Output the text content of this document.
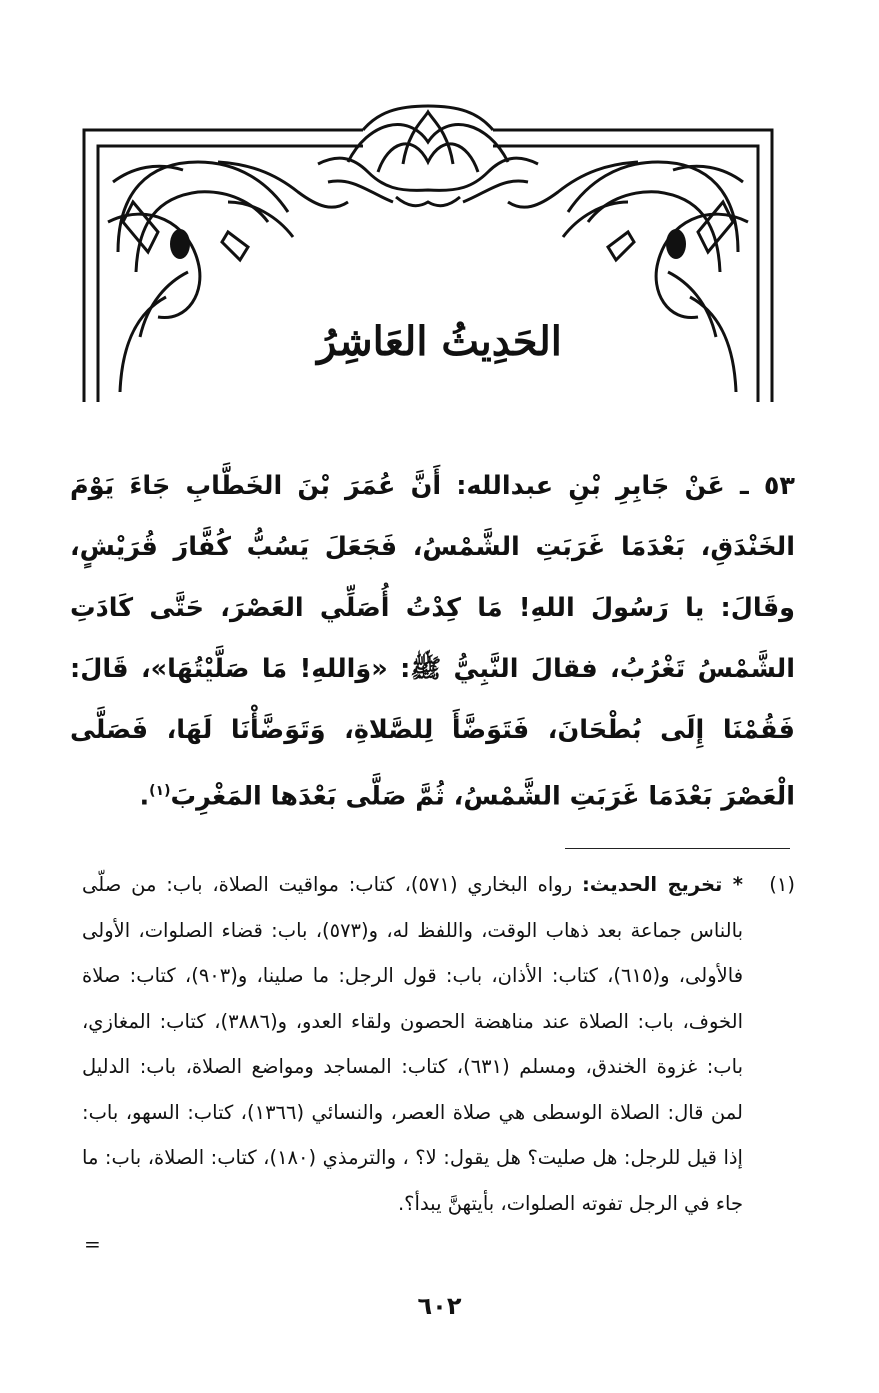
الحَدِيثُ العَاشِرُ

٥٣ ـ عَنْ جَابِرِ بْنِ عبدالله: أَنَّ عُمَرَ بْنَ الخَطَّابِ جَاءَ يَوْمَ الخَنْدَقِ، بَعْدَمَا غَرَبَتِ الشَّمْسُ، فَجَعَلَ يَسُبُّ كُفَّارَ قُرَيْشٍ، وقَالَ: يا رَسُولَ اللهِ! مَا كِدْتُ أُصَلِّي العَصْرَ، حَتَّى كَادَتِ الشَّمْسُ تَغْرُبُ، فقالَ النَّبِيُّ ﷺ: «وَاللهِ! مَا صَلَّيْتُهَا»، قَالَ: فَقُمْنَا إِلَى بُطْحَانَ، فَتَوَضَّأَ لِلصَّلاةِ، وَتَوَضَّأْنَا لَهَا، فَصَلَّى الْعَصْرَ بَعْدَمَا غَرَبَتِ الشَّمْسُ، ثُمَّ صَلَّى بَعْدَها المَغْرِبَ$^{(١)}$.

(١)
* تخريج الحديث: رواه البخاري (٥٧١)، كتاب: مواقيت الصلاة، باب: من صلّى بالناس جماعة بعد ذهاب الوقت، واللفظ له، و(٥٧٣)، باب: قضاء الصلوات، الأولى فالأولى، و(٦١٥)، كتاب: الأذان، باب: قول الرجل: ما صلينا، و(٩٠٣)، كتاب: صلاة الخوف، باب: الصلاة عند مناهضة الحصون ولقاء العدو، و(٣٨٨٦)، كتاب: المغازي، باب: غزوة الخندق، ومسلم (٦٣١)، كتاب: المساجد ومواضع الصلاة، باب: الدليل لمن قال: الصلاة الوسطى هي صلاة العصر، والنسائي (١٣٦٦)، كتاب: السهو، باب: إذا قيل للرجل: هل صليت؟ هل يقول: لا؟ ، والترمذي (١٨٠)، كتاب: الصلاة، باب: ما جاء في الرجل تفوته الصلوات، بأيتهنَّ يبدأ؟.
=
٦٠٢
